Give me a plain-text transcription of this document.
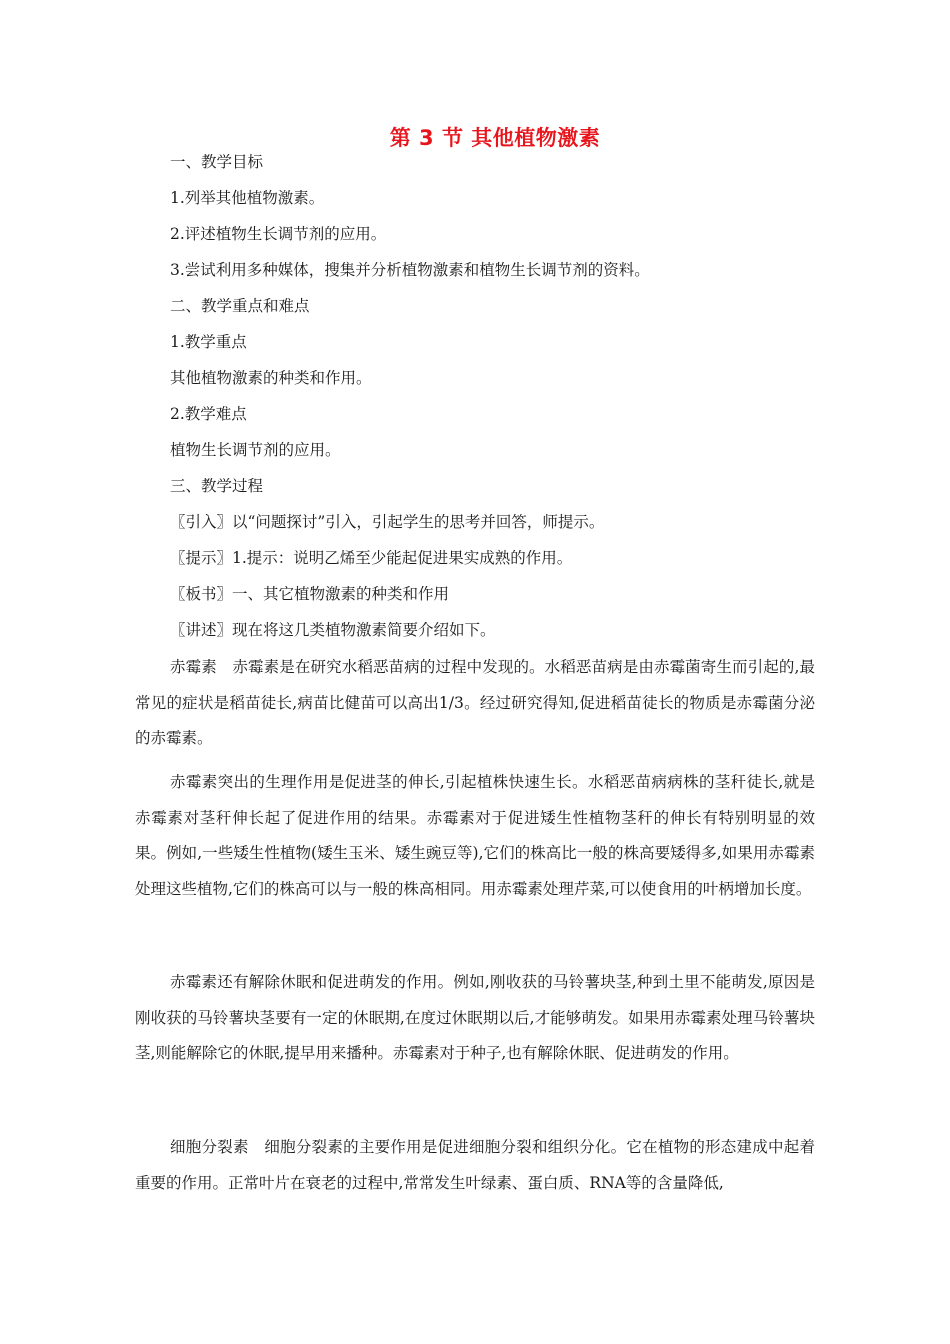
第 3 节 其他植物激素
一、教学目标
1.列举其他植物激素。
2.评述植物生长调节剂的应用。
3.尝试利用多种媒体，搜集并分析植物激素和植物生长调节剂的资料。
二、教学重点和难点
1.教学重点
其他植物激素的种类和作用。
2.教学难点
植物生长调节剂的应用。
三、教学过程
〖引入〗以“问题探讨”引入，引起学生的思考并回答，师提示。
〖提示〗1.提示：说明乙烯至少能起促进果实成熟的作用。
〖板书〗一、其它植物激素的种类和作用
〖讲述〗现在将这几类植物激素简要介绍如下。
赤霉素　赤霉素是在研究水稻恶苗病的过程中发现的。水稻恶苗病是由赤霉菌寄生而引起的,最常见的症状是稻苗徒长,病苗比健苗可以高出1/3。经过研究得知,促进稻苗徒长的物质是赤霉菌分泌的赤霉素。
赤霉素突出的生理作用是促进茎的伸长,引起植株快速生长。水稻恶苗病病株的茎秆徒长,就是赤霉素对茎秆伸长起了促进作用的结果。赤霉素对于促进矮生性植物茎秆的伸长有特别明显的效果。例如,一些矮生性植物(矮生玉米、矮生豌豆等),它们的株高比一般的株高要矮得多,如果用赤霉素处理这些植物,它们的株高可以与一般的株高相同。用赤霉素处理芹菜,可以使食用的叶柄增加长度。
赤霉素还有解除休眠和促进萌发的作用。例如,刚收获的马铃薯块茎,种到土里不能萌发,原因是刚收获的马铃薯块茎要有一定的休眠期,在度过休眠期以后,才能够萌发。如果用赤霉素处理马铃薯块茎,则能解除它的休眠,提早用来播种。赤霉素对于种子,也有解除休眠、促进萌发的作用。
细胞分裂素　细胞分裂素的主要作用是促进细胞分裂和组织分化。它在植物的形态建成中起着重要的作用。正常叶片在衰老的过程中,常常发生叶绿素、蛋白质、RNA等的含量降低,
